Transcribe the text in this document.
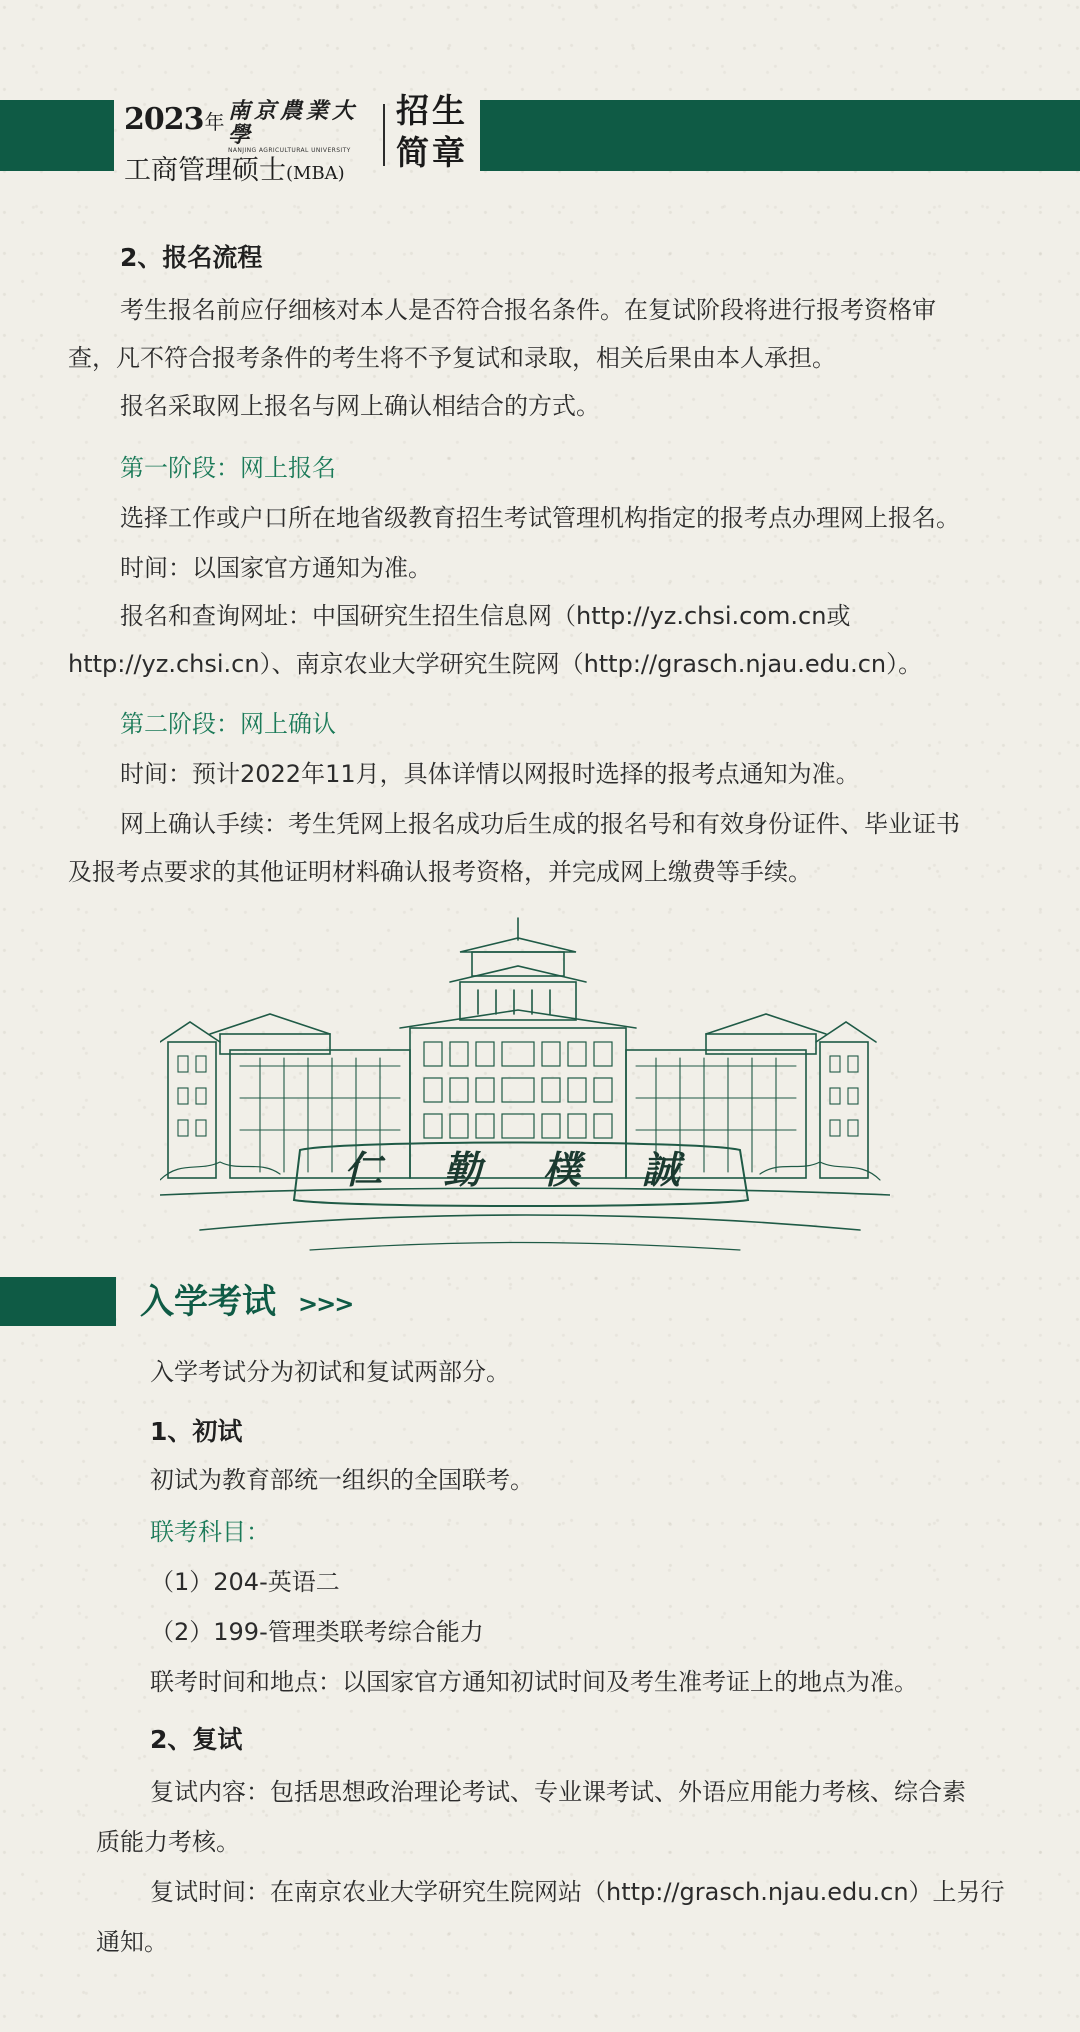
2023年 南京農業大學
NANJING AGRICULTURAL UNIVERSITY
工商管理硕士(MBA)
招生
简章
2、报名流程
考生报名前应仔细核对本人是否符合报名条件。在复试阶段将进行报考资格审
查，凡不符合报考条件的考生将不予复试和录取，相关后果由本人承担。
报名采取网上报名与网上确认相结合的方式。
第一阶段：网上报名
选择工作或户口所在地省级教育招生考试管理机构指定的报考点办理网上报名。
时间：以国家官方通知为准。
报名和查询网址：中国研究生招生信息网（http://yz.chsi.com.cn或
http://yz.chsi.cn）、南京农业大学研究生院网（http://grasch.njau.edu.cn）。
第二阶段：网上确认
时间：预计2022年11月，具体详情以网报时选择的报考点通知为准。
网上确认手续：考生凭网上报名成功后生成的报名号和有效身份证件、毕业证书
及报考点要求的其他证明材料确认报考资格，并完成网上缴费等手续。
仁 勤 樸 誠
入学考试 >>>
入学考试分为初试和复试两部分。
1、初试
初试为教育部统一组织的全国联考。
联考科目：
（1）204-英语二
（2）199-管理类联考综合能力
联考时间和地点：以国家官方通知初试时间及考生准考证上的地点为准。
2、复试
复试内容：包括思想政治理论考试、专业课考试、外语应用能力考核、综合素
质能力考核。
复试时间：在南京农业大学研究生院网站（http://grasch.njau.edu.cn）上另行
通知。
